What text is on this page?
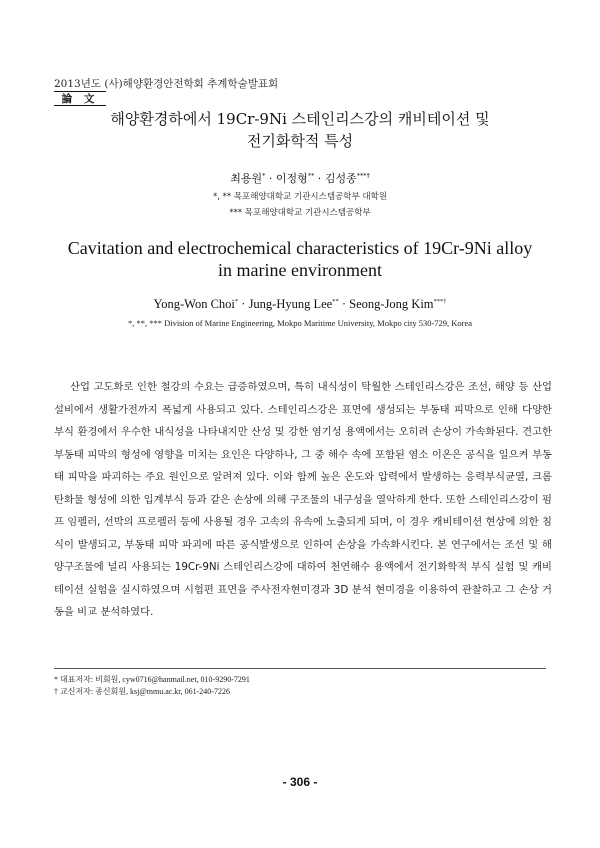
2013년도 (사)해양환경안전학회 추계학술발표회
論 文
해양환경하에서 19Cr-9Ni 스테인리스강의 캐비테이션 및
전기화학적 특성
최용원* · 이정형** · 김성종***†
*, ** 목포해양대학교 기관시스템공학부 대학원
*** 목포해양대학교 기관시스템공학부
Cavitation and electrochemical characteristics of 19Cr-9Ni alloy
in marine environment
Yong-Won Choi* · Jung-Hyung Lee** · Seong-Jong Kim***†
*, **, *** Division of Marine Engineering, Mokpo Maritime University, Mokpo city 530-729, Korea

산업 고도화로 인한 철강의 수요는 급증하였으며, 특히 내식성이 탁월한 스테인리스강은 조선, 해양 등 산업설비에서 생활가전까지 폭넓게 사용되고 있다. 스테인리스강은 표면에 생성되는 부동태 피막으로 인해 다양한 부식 환경에서 우수한 내식성을 나타내지만 산성 및 강한 염기성 용액에서는 오히려 손상이 가속화된다. 견고한 부동태 피막의 형성에 영향을 미치는 요인은 다양하나, 그 중 해수 속에 포함된 염소 이온은 공식을 일으켜 부동태 피막을 파괴하는 주요 원인으로 알려져 있다. 이와 함께 높은 온도와 압력에서 발생하는 응력부식균열, 크롬탄화물 형성에 의한 입계부식 등과 같은 손상에 의해 구조물의 내구성을 열악하게 한다. 또한 스테인리스강이 펌프 임펠러, 선박의 프로펠러 등에 사용될 경우 고속의 유속에 노출되게 되며, 이 경우 캐비테이션 현상에 의한 침식이 발생되고, 부동태 피막 파괴에 따른 공식발생으로 인하여 손상을 가속화시킨다. 본 연구에서는 조선 및 해양구조물에 널리 사용되는 19Cr-9Ni 스테인리스강에 대하여 천연해수 용액에서 전기화학적 부식 실험 및 캐비테이션 실험을 실시하였으며 시험편 표면을 주사전자현미경과 3D 분석 현미경을 이용하여 관찰하고 그 손상 거동을 비교 분석하였다.

* 대표저자: 비회원, cyw0716@hanmail.net, 010-9290-7291
† 교신저자: 종신회원, ksj@mmu.ac.kr, 061-240-7226
- 306 -
